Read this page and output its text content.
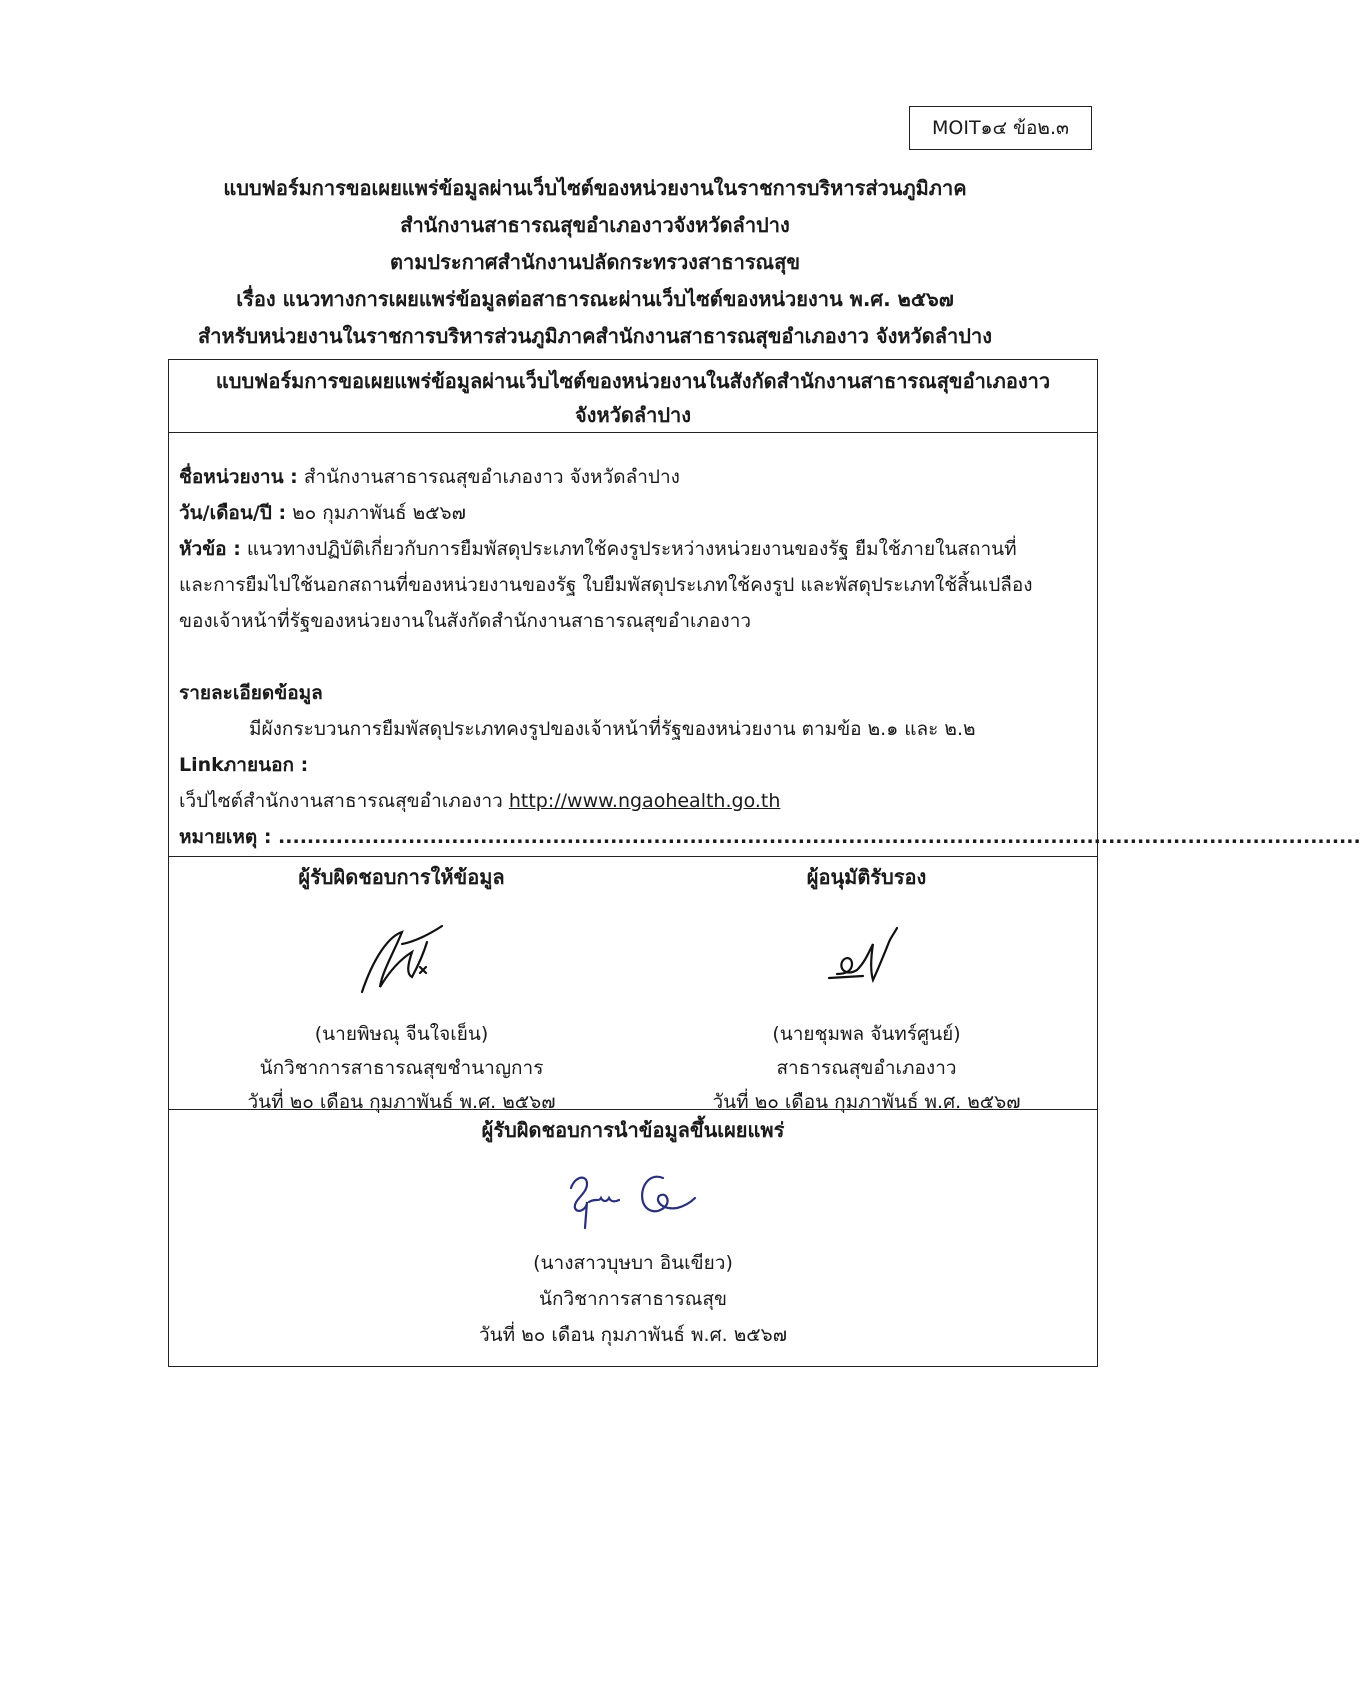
MOIT๑๔ ข้อ๒.๓
แบบฟอร์มการขอเผยแพร่ข้อมูลผ่านเว็บไซต์ของหน่วยงานในราชการบริหารส่วนภูมิภาค
สำนักงานสาธารณสุขอำเภองาวจังหวัดลำปาง
ตามประกาศสำนักงานปลัดกระทรวงสาธารณสุข
เรื่อง แนวทางการเผยแพร่ข้อมูลต่อสาธารณะผ่านเว็บไซต์ของหน่วยงาน พ.ศ. ๒๕๖๗
สำหรับหน่วยงานในราชการบริหารส่วนภูมิภาคสำนักงานสาธารณสุขอำเภองาว จังหวัดลำปาง
แบบฟอร์มการขอเผยแพร่ข้อมูลผ่านเว็บไซต์ของหน่วยงานในสังกัดสำนักงานสาธารณสุขอำเภองาว
จังหวัดลำปาง
ชื่อหน่วยงาน : สำนักงานสาธารณสุขอำเภองาว จังหวัดลำปาง
วัน/เดือน/ปี : ๒๐ กุมภาพันธ์ ๒๕๖๗
หัวข้อ : แนวทางปฏิบัติเกี่ยวกับการยืมพัสดุประเภทใช้คงรูประหว่างหน่วยงานของรัฐ ยืมใช้ภายในสถานที่
และการยืมไปใช้นอกสถานที่ของหน่วยงานของรัฐ ใบยืมพัสดุประเภทใช้คงรูป และพัสดุประเภทใช้สิ้นเปลือง
ของเจ้าหน้าที่รัฐของหน่วยงานในสังกัดสำนักงานสาธารณสุขอำเภองาว
รายละเอียดข้อมูล
มีผังกระบวนการยืมพัสดุประเภทคงรูปของเจ้าหน้าที่รัฐของหน่วยงาน ตามข้อ ๒.๑ และ ๒.๒
Linkภายนอก :
เว็ปไซต์สำนักงานสาธารณสุขอำเภองาว http://www.ngaohealth.go.th
หมายเหตุ : ......................................................................................................................................................
ผู้รับผิดชอบการให้ข้อมูล
(นายพิษณุ จีนใจเย็น)
นักวิชาการสาธารณสุขชำนาญการ
วันที่ ๒๐ เดือน กุมภาพันธ์ พ.ศ. ๒๕๖๗
ผู้อนุมัติรับรอง
(นายชุมพล จันทร์ศูนย์)
สาธารณสุขอำเภองาว
วันที่ ๒๐ เดือน กุมภาพันธ์ พ.ศ. ๒๕๖๗
ผู้รับผิดชอบการนำข้อมูลขึ้นเผยแพร่
(นางสาวบุษบา อินเขียว)
นักวิชาการสาธารณสุข
วันที่ ๒๐ เดือน กุมภาพันธ์ พ.ศ. ๒๕๖๗
